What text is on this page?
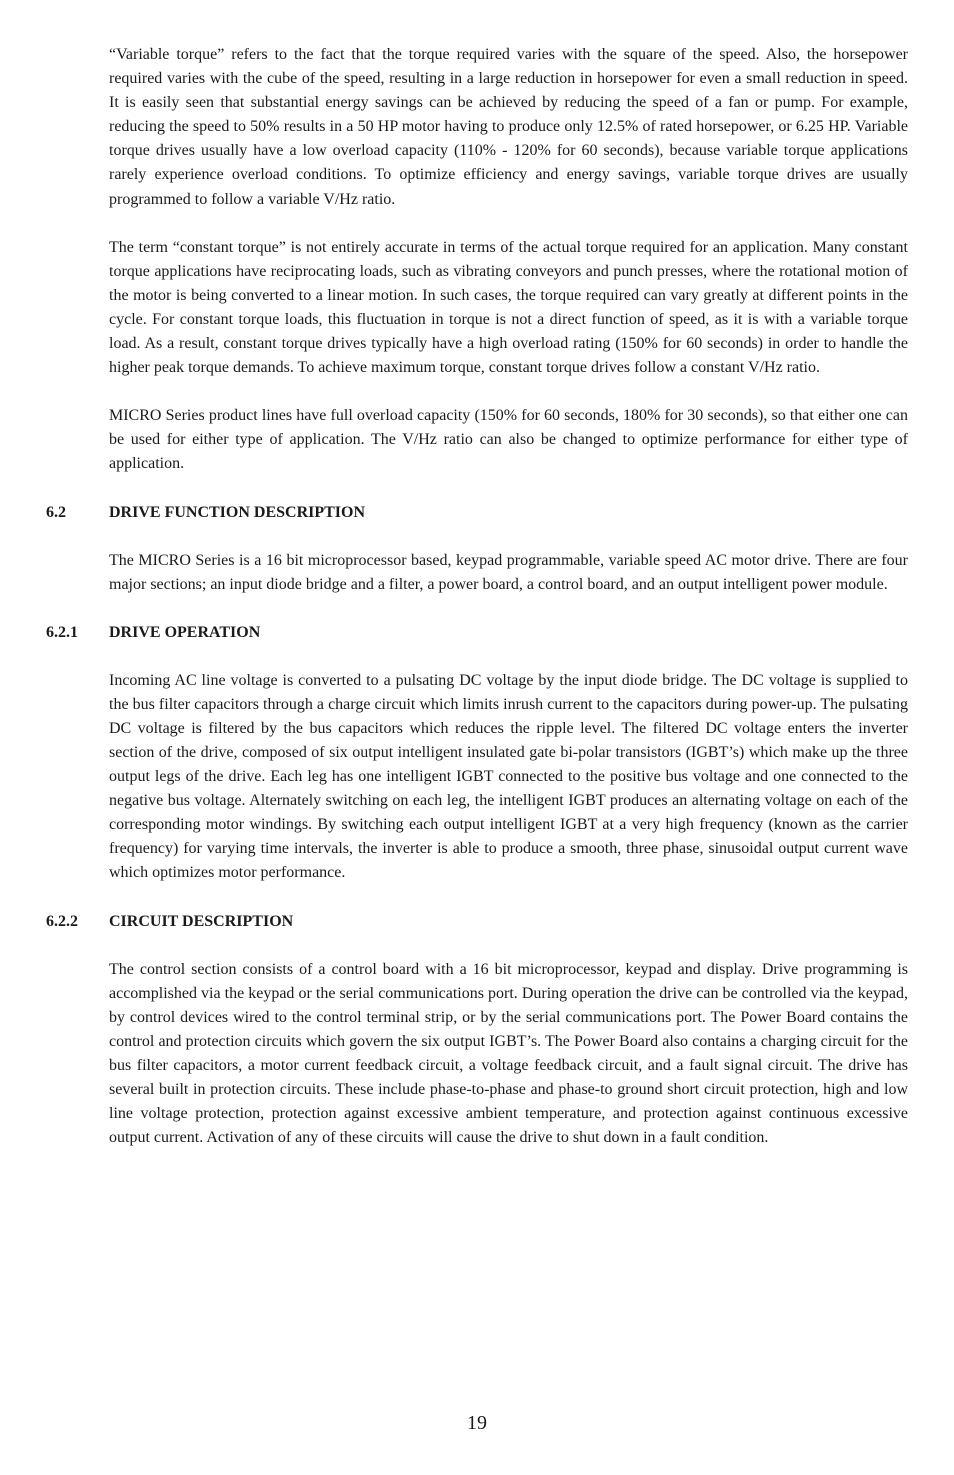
“Variable torque” refers to the fact that the torque required varies with the square of the speed. Also, the horsepower required varies with the cube of the speed, resulting in a large reduction in horsepower for even a small reduction in speed. It is easily seen that substantial energy savings can be achieved by reducing the speed of a fan or pump. For example, reducing the speed to 50% results in a 50 HP motor having to produce only 12.5% of rated horsepower, or 6.25 HP. Variable torque drives usually have a low overload capacity (110% - 120% for 60 seconds), because variable torque applications rarely experience overload conditions. To optimize efficiency and energy savings, variable torque drives are usually programmed to follow a variable V/Hz ratio.

The term “constant torque” is not entirely accurate in terms of the actual torque required for an application. Many constant torque applications have reciprocating loads, such as vibrating conveyors and punch presses, where the rotational motion of the motor is being converted to a linear motion. In such cases, the torque required can vary greatly at different points in the cycle. For constant torque loads, this fluctuation in torque is not a direct function of speed, as it is with a variable torque load. As a result, constant torque drives typically have a high overload rating (150% for 60 seconds) in order to handle the higher peak torque demands. To achieve maximum torque, constant torque drives follow a constant V/Hz ratio.

MICRO Series product lines have full overload capacity (150% for 60 seconds, 180% for 30 seconds), so that either one can be used for either type of application. The V/Hz ratio can also be changed to optimize performance for either type of application.

6.2	DRIVE FUNCTION DESCRIPTION

The MICRO Series is a 16 bit microprocessor based, keypad programmable, variable speed AC motor drive. There are four major sections; an input diode bridge and a filter, a power board, a control board, and an output intelligent power module.

6.2.1 DRIVE OPERATION

Incoming AC line voltage is converted to a pulsating DC voltage by the input diode bridge. The DC voltage is supplied to the bus filter capacitors through a charge circuit which limits inrush current to the capacitors during power-up. The pulsating DC voltage is filtered by the bus capacitors which reduces the ripple level. The filtered DC voltage enters the inverter section of the drive, composed of six output intelligent insulated gate bi-polar transistors (IGBT’s) which make up the three output legs of the drive. Each leg has one intelligent IGBT connected to the positive bus voltage and one connected to the negative bus voltage. Alternately switching on each leg, the intelligent IGBT produces an alternating voltage on each of the corresponding motor windings. By switching each output intelligent IGBT at a very high frequency (known as the carrier frequency) for varying time intervals, the inverter is able to produce a smooth, three phase, sinusoidal output current wave which optimizes motor performance.

6.2.2 CIRCUIT DESCRIPTION

The control section consists of a control board with a 16 bit microprocessor, keypad and display. Drive programming is accomplished via the keypad or the serial communications port. During operation the drive can be controlled via the keypad, by control devices wired to the control terminal strip, or by the serial communications port. The Power Board contains the control and protection circuits which govern the six output IGBT’s. The Power Board also contains a charging circuit for the bus filter capacitors, a motor current feedback circuit, a voltage feedback circuit, and a fault signal circuit. The drive has several built in protection circuits. These include phase-to-phase and phase-to ground short circuit protection, high and low line voltage protection, protection against excessive ambient temperature, and protection against continuous excessive output current. Activation of any of these circuits will cause the drive to shut down in a fault condition.

19
